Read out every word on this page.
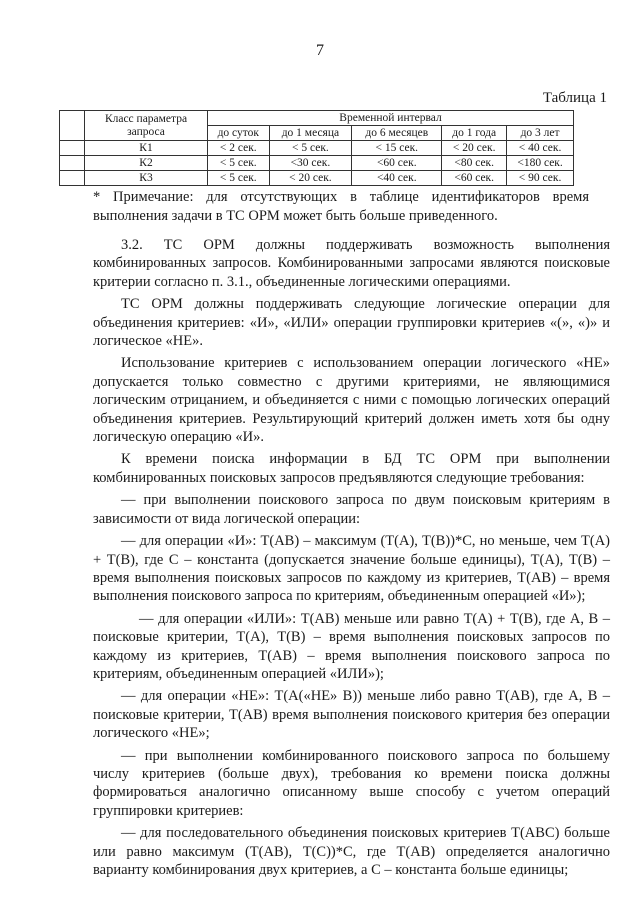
7
Таблица 1
	Класс параметра запроса	Временной интервал				
		до суток	до 1 месяца	до 6 месяцев	до 1 года	до 3 лет
	К1	< 2 сек.	< 5 сек.	< 15 сек.	< 20 сек.	< 40 сек.
	К2	< 5 сек.	<30 сек.	<60 сек.	<80 сек.	<180 сек.
	К3	< 5 сек.	< 20 сек.	<40 сек.	<60 сек.	< 90 сек.
* Примечание: для отсутствующих в таблице идентификаторов время выполнения задачи в ТС ОРМ может быть больше приведенного.

3.2. ТС ОРМ должны поддерживать возможность выполнения комбинированных запросов. Комбинированными запросами являются поисковые критерии согласно п. 3.1., объединенные логическими операциями.

ТС ОРМ должны поддерживать следующие логические операции для объединения критериев: «И», «ИЛИ» операции группировки критериев «(», «)» и логическое «НЕ».

Использование критериев с использованием операции логического «НЕ» допускается только совместно с другими критериями, не являющимися логическим отрицанием, и объединяется с ними с помощью логических операций объединения критериев. Результирующий критерий должен иметь хотя бы одну логическую операцию «И».

К времени поиска информации в БД ТС ОРМ при выполнении комбинированных поисковых запросов предъявляются следующие требования:

— при выполнении поискового запроса по двум поисковым критериям в зависимости от вида логической операции:

— для операции «И»: Т(АВ) – максимум (Т(А), Т(В))*С, но меньше, чем Т(А) + Т(В), где С – константа (допускается значение больше единицы), Т(А), Т(В) – время выполнения поисковых запросов по каждому из критериев, Т(АВ) – время выполнения поискового запроса по критериям, объединенным операцией «И»);

— для операции «ИЛИ»: Т(АВ) меньше или равно Т(А) + Т(В), где А, В – поисковые критерии, Т(А), Т(В) – время выполнения поисковых запросов по каждому из критериев, Т(АВ) – время выполнения поискового запроса по критериям, объединенным операцией «ИЛИ»);

— для операции «НЕ»: Т(А(«НЕ» В)) меньше либо равно Т(АВ), где А, В – поисковые критерии, Т(АВ) время выполнения поискового критерия без операции логического «НЕ»;

— при выполнении комбинированного поискового запроса по большему числу критериев (больше двух), требования ко времени поиска должны формироваться аналогично описанному выше способу с учетом операций группировки критериев:

— для последовательного объединения поисковых критериев Т(АВС) больше или равно максимум (Т(АВ), Т(С))*С, где Т(АВ) определяется аналогично варианту комбинирования двух критериев, а С – константа больше единицы;
